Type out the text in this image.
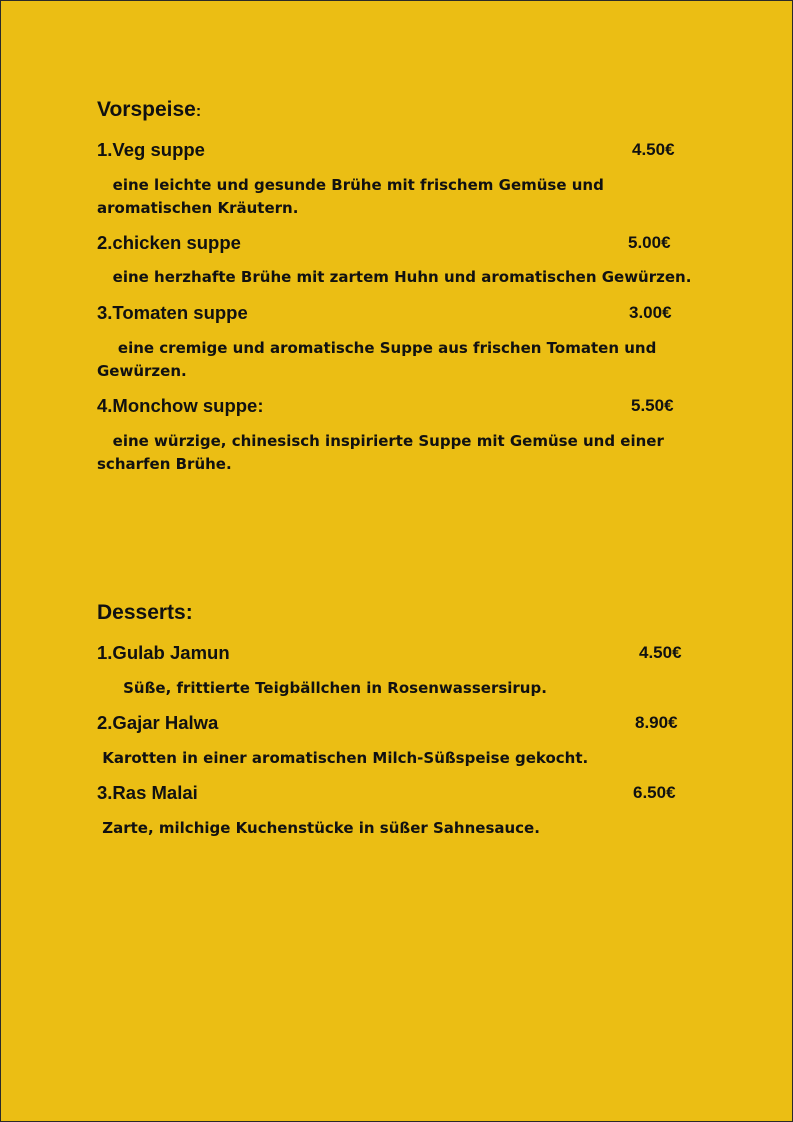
Vorspeise:
1.Veg suppe	4.50€

eine leichte und gesunde Brühe mit frischem Gemüse und aromatischen Kräutern.

2.chicken suppe	5.00€

eine herzhafte Brühe mit zartem Huhn und aromatischen Gewürzen.

3.Tomaten suppe	3.00€

eine cremige und aromatische Suppe aus frischen Tomaten und Gewürzen.

4.Monchow suppe:	5.50€

eine würzige, chinesisch inspirierte Suppe mit Gemüse und einer scharfen Brühe.

Desserts:
1.Gulab Jamun	4.50€

Süße, frittierte Teigbällchen in Rosenwassersirup.

2.Gajar Halwa	8.90€

Karotten in einer aromatischen Milch-Süßspeise gekocht.

3.Ras Malai	6.50€

Zarte, milchige Kuchenstücke in süßer Sahnesauce.
